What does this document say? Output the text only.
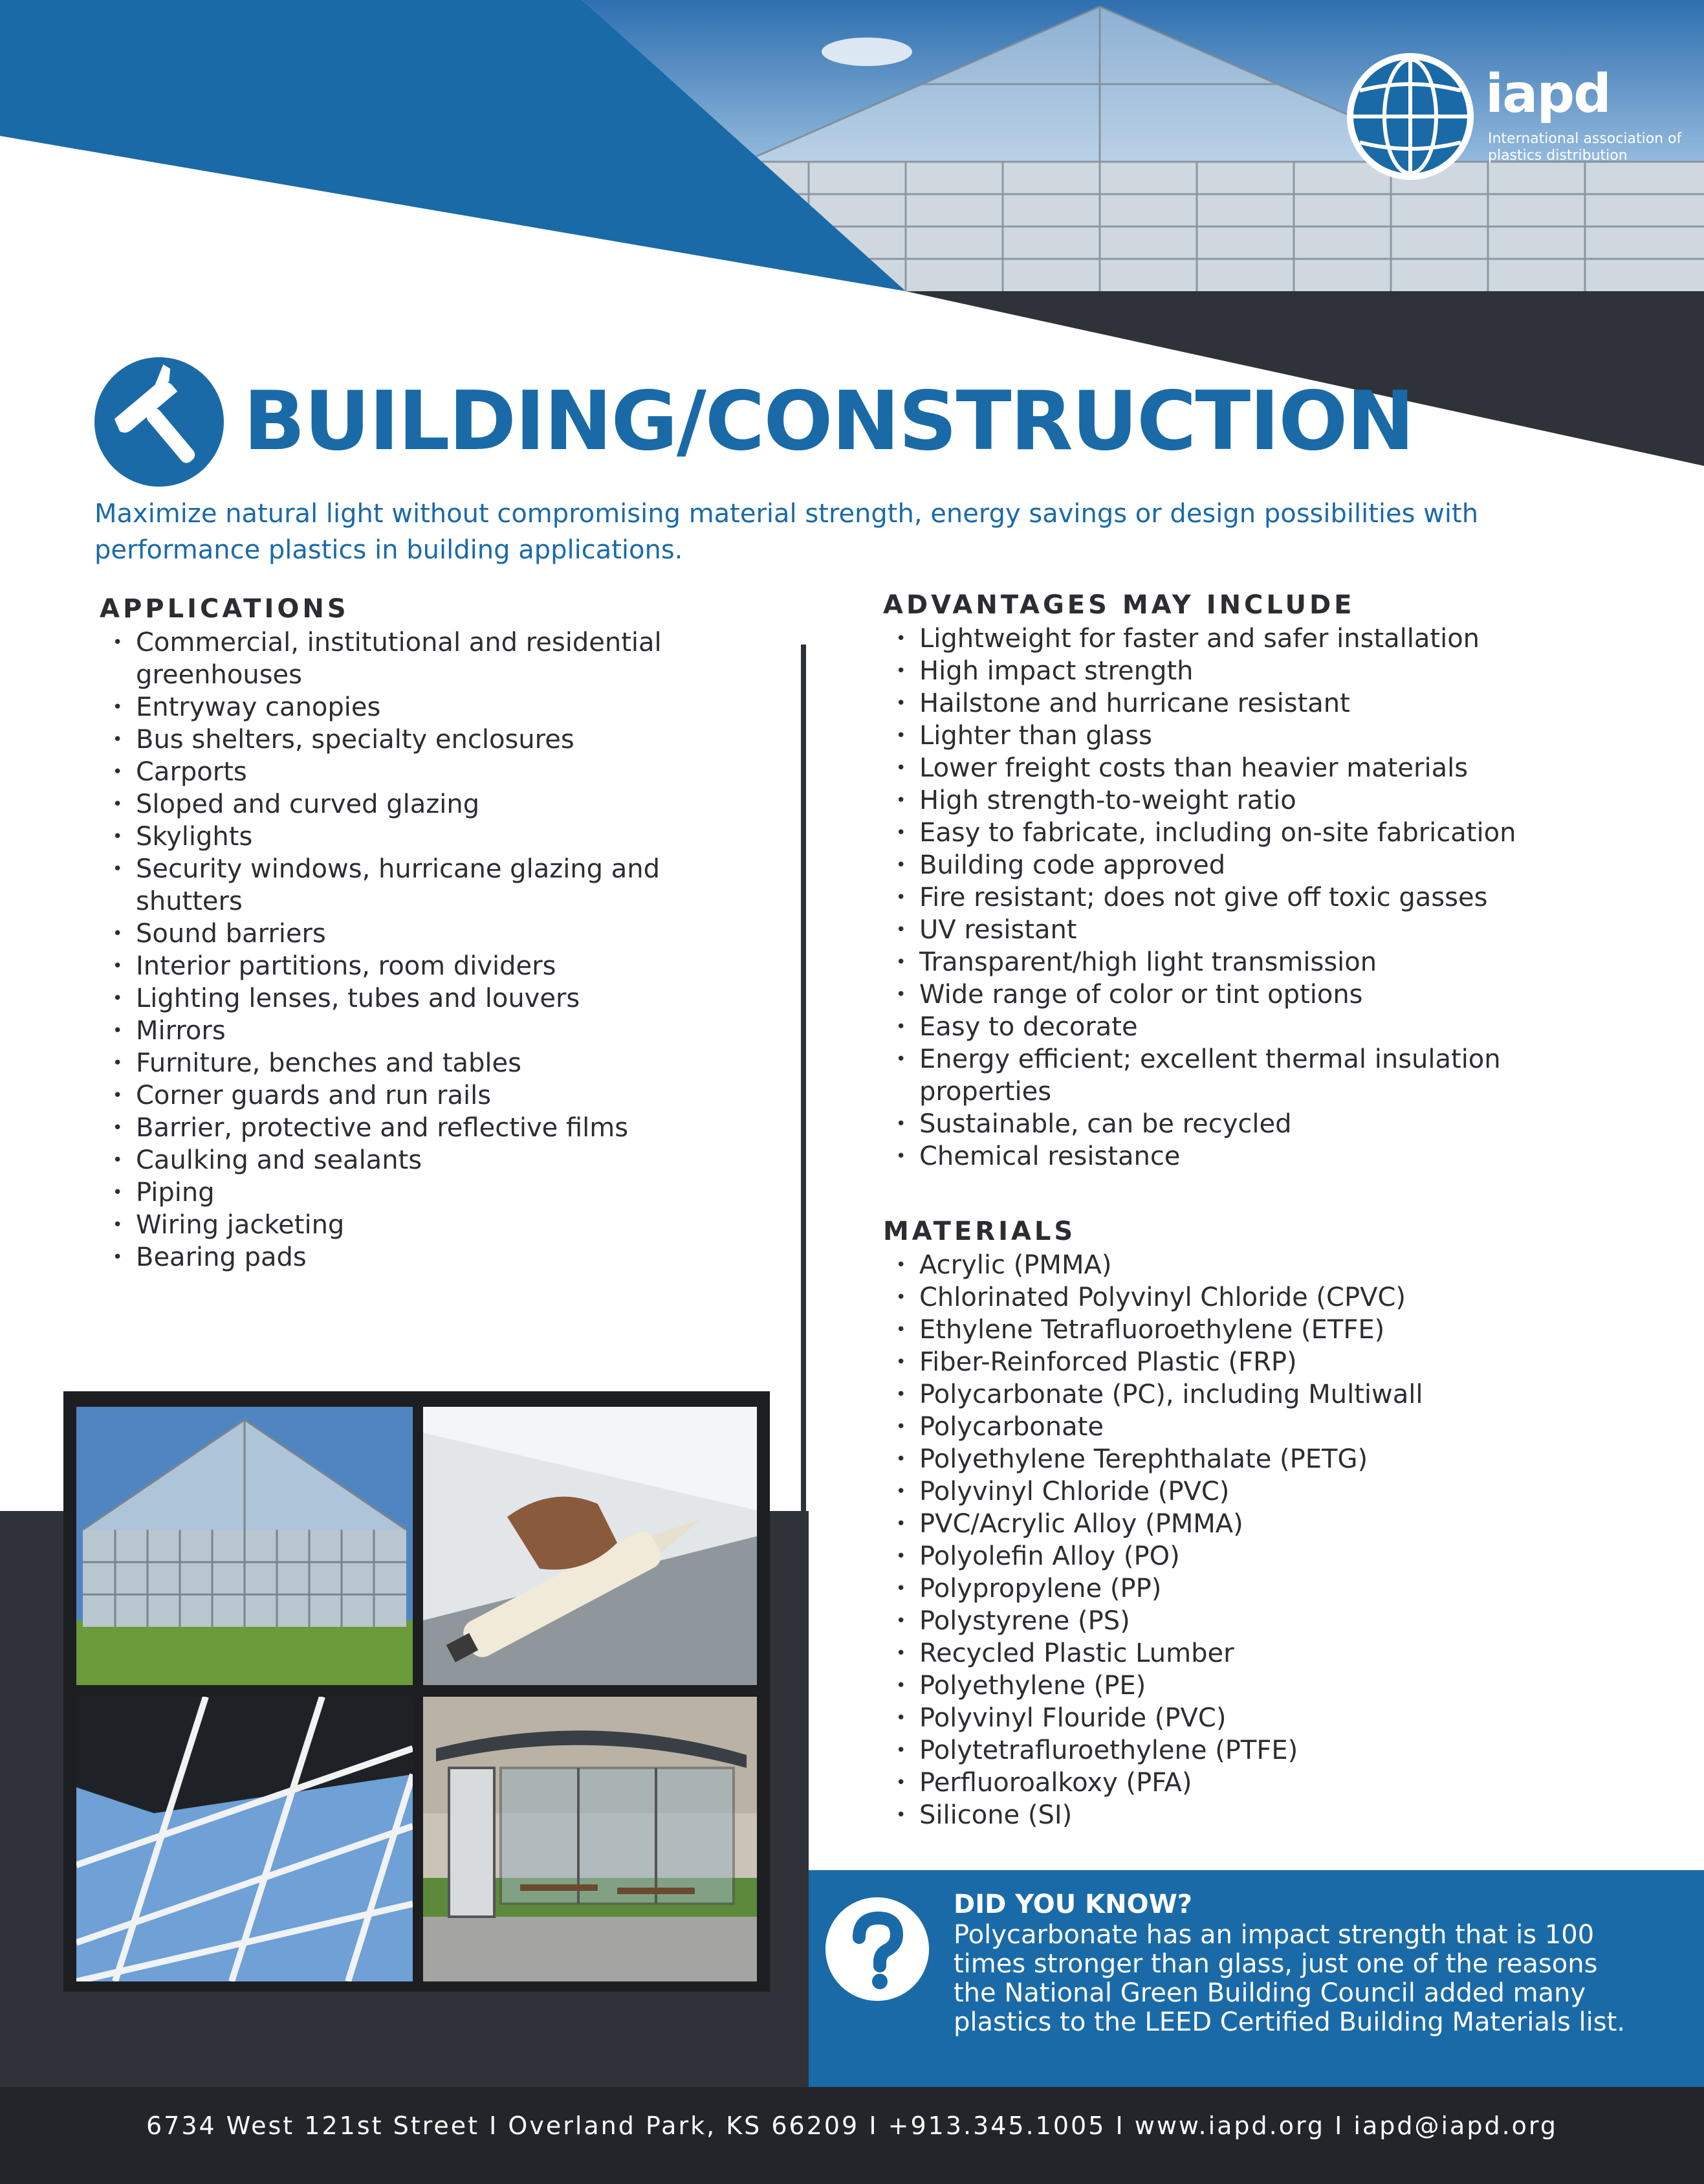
iapd

International association of plastics distribution

BUILDING/CONSTRUCTION

Maximize natural light without compromising material strength, energy savings or design possibilities with performance plastics in building applications.

APPLICATIONS
• Commercial, institutional and residential greenhouses
• Entryway canopies
• Bus shelters, specialty enclosures
• Carports
• Sloped and curved glazing
• Skylights
• Security windows, hurricane glazing and shutters
• Sound barriers
• Interior partitions, room dividers
• Lighting lenses, tubes and louvers
• Mirrors
• Furniture, benches and tables
• Corner guards and run rails
• Barrier, protective and reflective films
• Caulking and sealants
• Piping
• Wiring jacketing
• Bearing pads
ADVANTAGES MAY INCLUDE
• Lightweight for faster and safer installation
• High impact strength
• Hailstone and hurricane resistant
• Lighter than glass
• Lower freight costs than heavier materials
• High strength-to-weight ratio
• Easy to fabricate, including on-site fabrication
• Building code approved
• Fire resistant; does not give off toxic gasses
• UV resistant
• Transparent/high light transmission
• Wide range of color or tint options
• Easy to decorate
• Energy efficient; excellent thermal insulation properties
• Sustainable, can be recycled
• Chemical resistance
MATERIALS
• Acrylic (PMMA)
• Chlorinated Polyvinyl Chloride (CPVC)
• Ethylene Tetrafluoroethylene (ETFE)
• Fiber-Reinforced Plastic (FRP)
• Polycarbonate (PC), including Multiwall
• Polycarbonate
• Polyethylene Terephthalate (PETG)
• Polyvinyl Chloride (PVC)
• PVC/Acrylic Alloy (PMMA)
• Polyolefin Alloy (PO)
• Polypropylene (PP)
• Polystyrene (PS)
• Recycled Plastic Lumber
• Polyethylene (PE)
• Polyvinyl Flouride (PVC)
• Polytetrafluroethylene (PTFE)
• Perfluoroalkoxy (PFA)
• Silicone (SI)
DID YOU KNOW?

Polycarbonate has an impact strength that is 100 times stronger than glass, just one of the reasons the National Green Building Council added many plastics to the LEED Certified Building Materials list.

6734 West 121st Street I Overland Park, KS 66209 I +913.345.1005 I www.iapd.org I iapd@iapd.org
